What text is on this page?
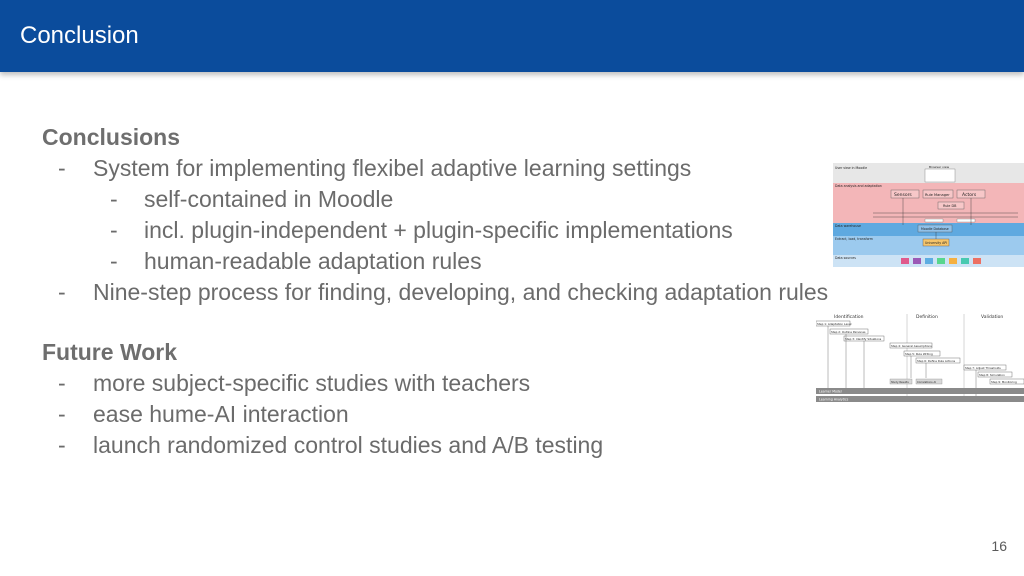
Conclusion
Conclusions
- System for implementing flexibel adaptive learning settings
- self-contained in Moodle
- incl. plugin-independent + plugin-specific implementations
- human-readable adaptation rules
- Nine-step process for finding, developing, and checking adaptation rules
Future Work
- more subject-specific studies with teachers
- ease hume-AI interaction
- launch randomized control studies and A/B testing
User view in Moodle
Data analysis and adaptation
Data warehouse
Extract, load, transform
Data sources
Browser view
Sensors	Rule Manager	Actors
Rule DB
Moodle Database
University API
Identification	Definition	Validation
Step 1: Adaptation Level
Step 2: Outline Personas
Step 3: Identify Situations
Step 4: General Assumptions
Step 5: Rule Writing
Step 6: Define Rule Actions
Step 7: Adjust Thresholds
Step 8: Simulation
Step 9: Monitoring
Study Results	Correlations AI
Learner Model
Learning Analytics
16
